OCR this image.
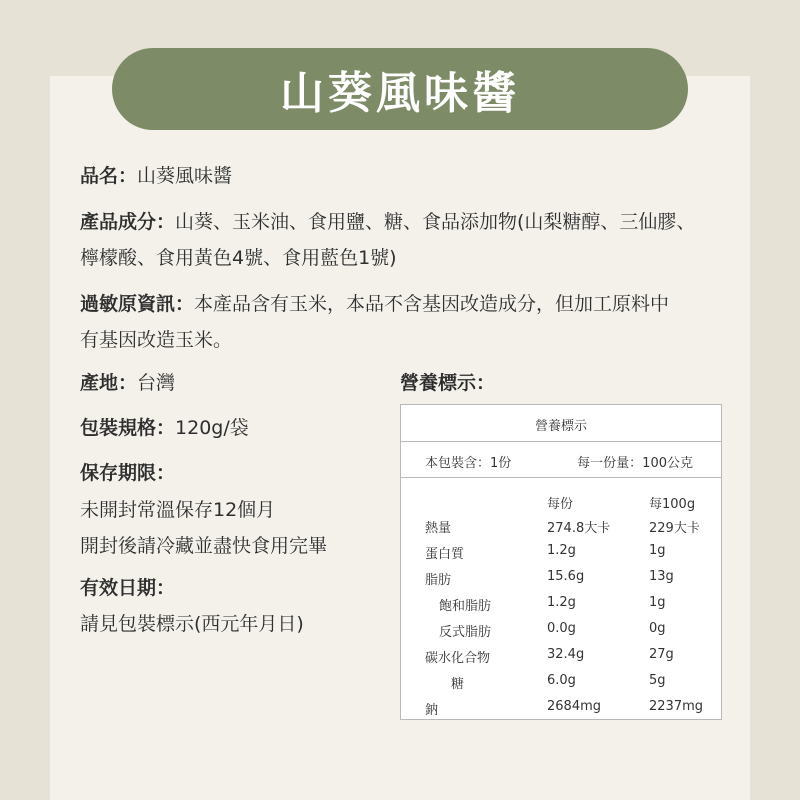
山葵風味醬
品名：山葵風味醬
產品成分：山葵、玉米油、食用鹽、糖、食品添加物(山梨糖醇、三仙膠、
檸檬酸、食用黃色4號、食用藍色1號)
過敏原資訊：本產品含有玉米，本品不含基因改造成分，但加工原料中
有基因改造玉米。
產地：台灣
包裝規格：120g/袋
保存期限：
未開封常溫保存12個月
開封後請冷藏並盡快食用完畢
有效日期：
請見包裝標示(西元年月日)
營養標示：
營養標示
本包裝含：1份	每一份量：100公克
每份	每100g
熱量	274.8大卡	229大卡
蛋白質	1.2g	1g
脂肪	15.6g	13g
飽和脂肪	1.2g	1g
反式脂肪	0.0g	0g
碳水化合物	32.4g	27g
糖	6.0g	5g
鈉	2684mg	2237mg
